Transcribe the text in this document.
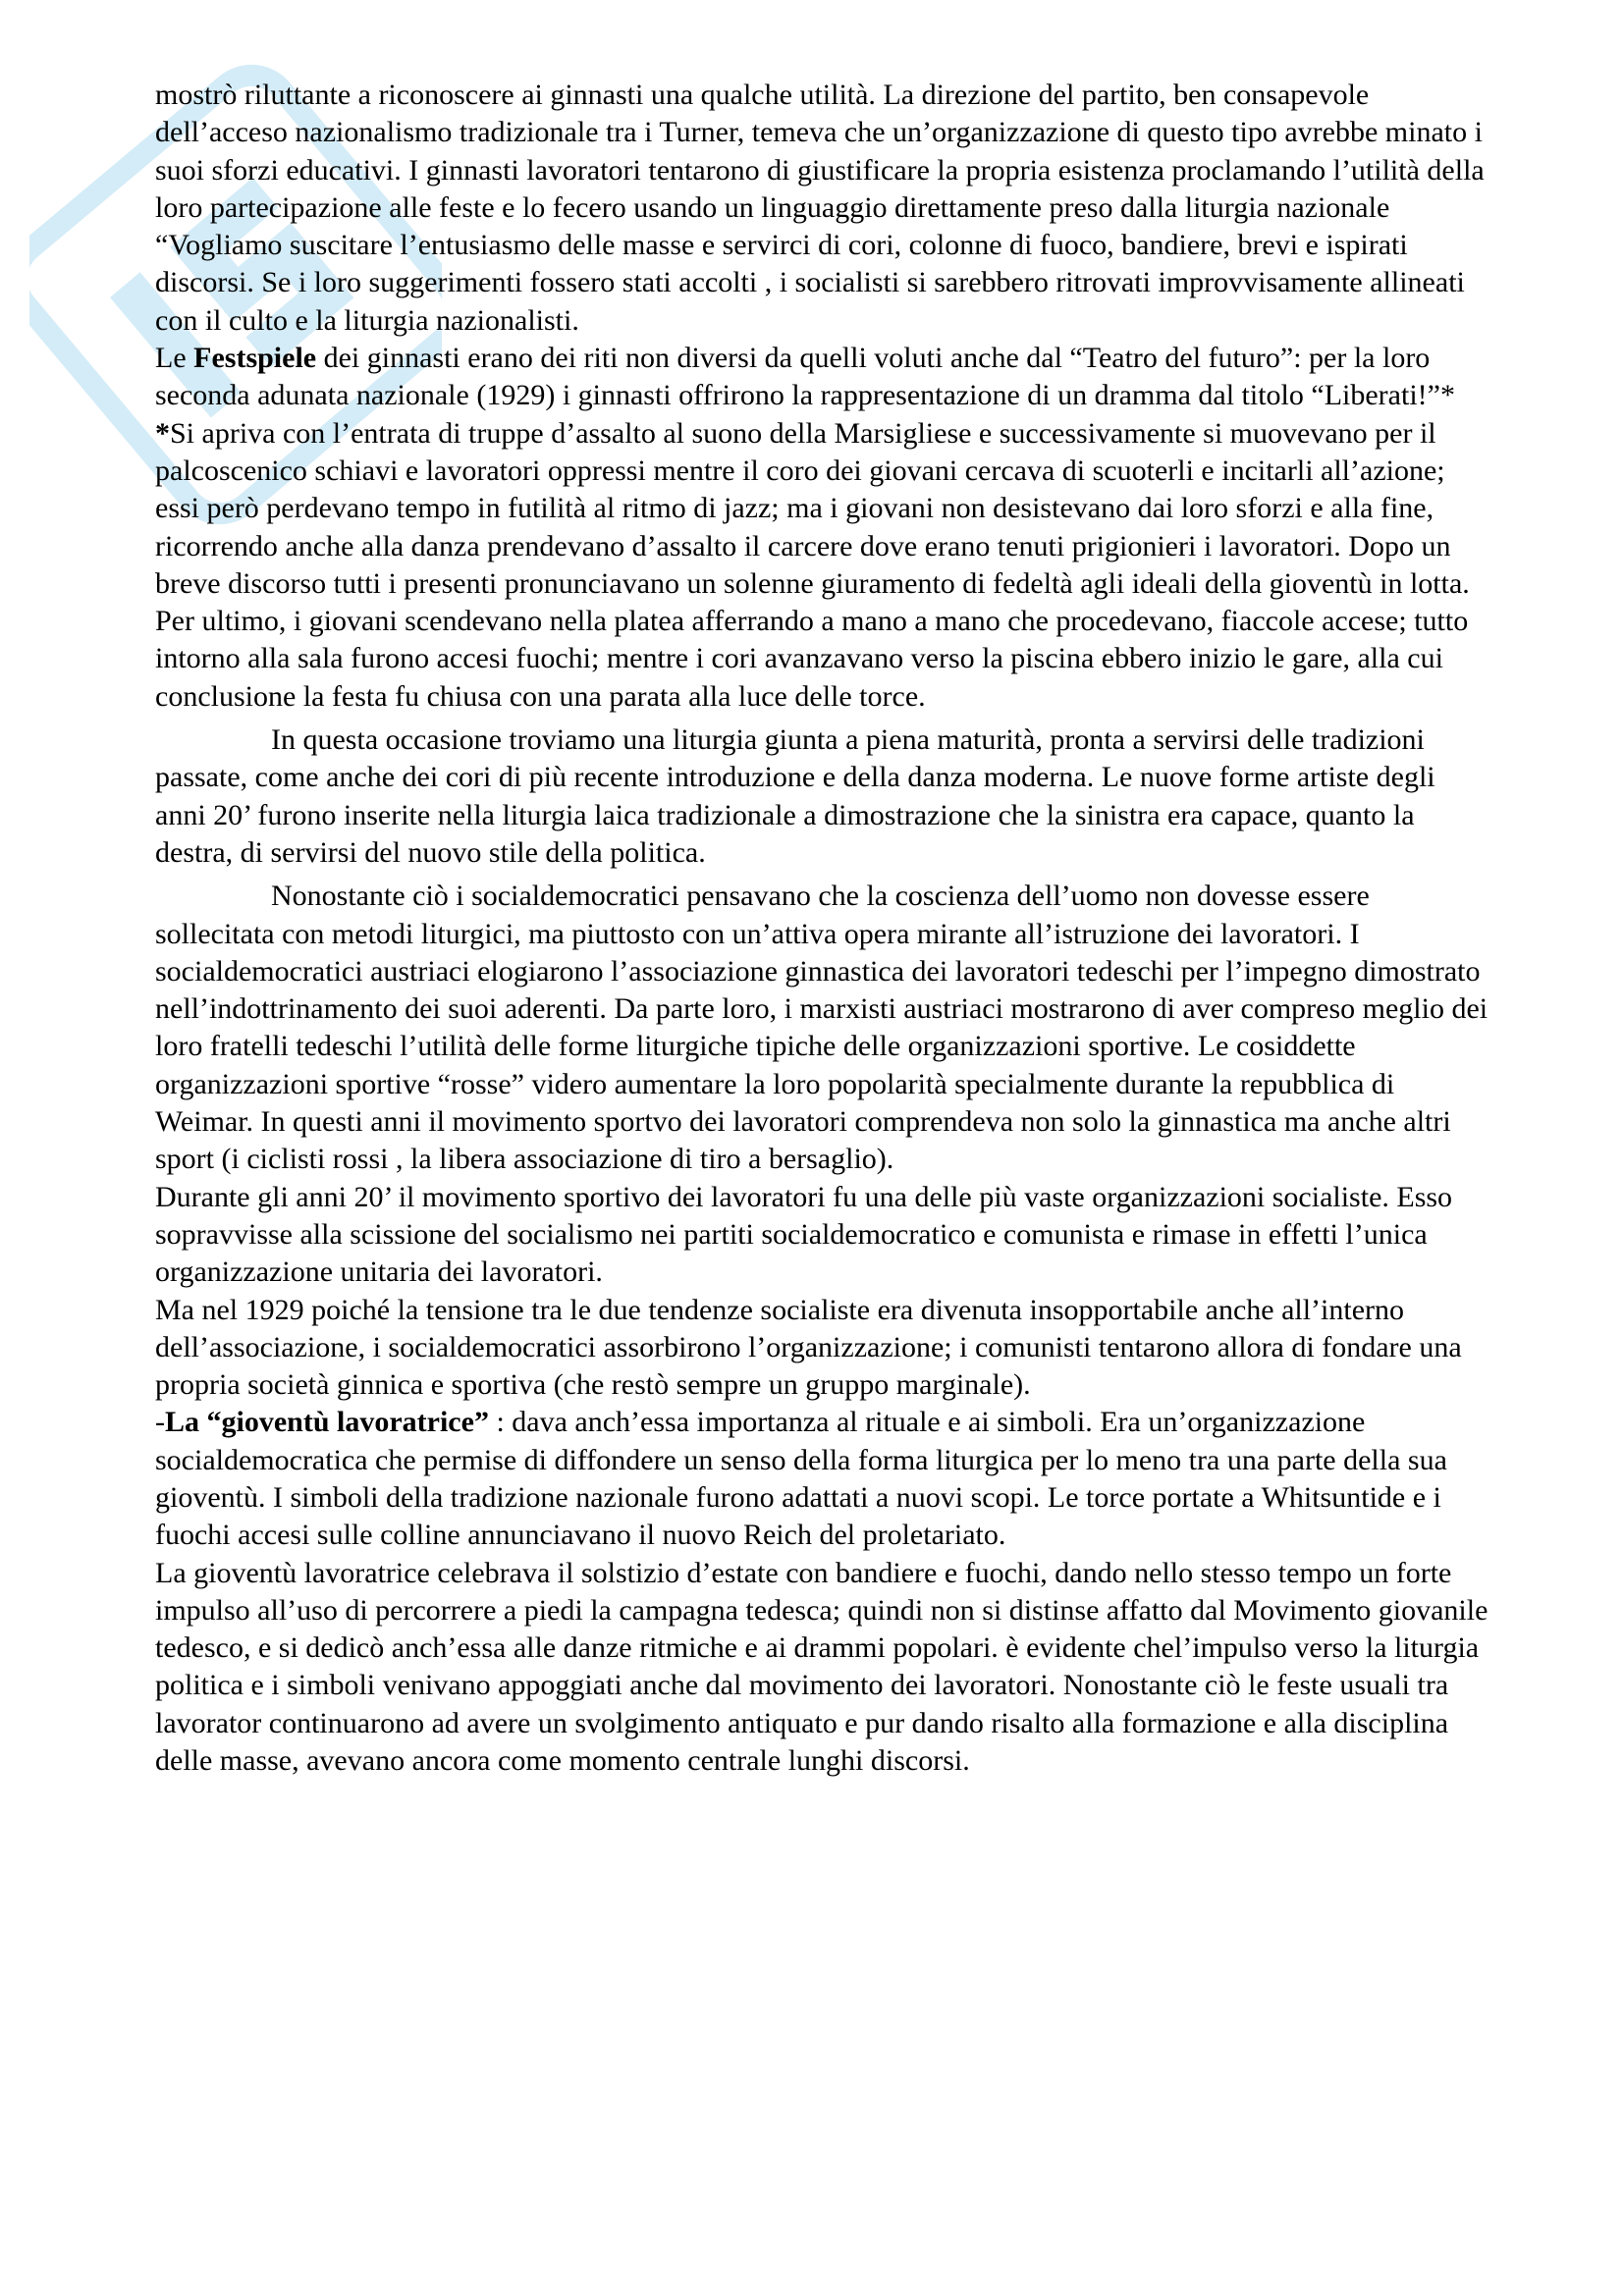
mostrò riluttante a riconoscere ai ginnasti una qualche utilità. La direzione del partito, ben consapevole dell’acceso nazionalismo tradizionale tra i Turner, temeva che un’organizzazione di questo tipo avrebbe minato i suoi sforzi educativi. I ginnasti lavoratori tentarono di giustificare la propria esistenza proclamando l’utilità della loro partecipazione alle feste e lo fecero usando un linguaggio direttamente preso dalla liturgia nazionale “Vogliamo suscitare l’entusiasmo delle masse e servirci di cori, colonne di fuoco, bandiere, brevi e ispirati discorsi. Se i loro suggerimenti fossero stati accolti , i socialisti si sarebbero ritrovati improvvisamente allineati con il culto e la liturgia nazionalisti.

Le Festspiele dei ginnasti erano dei riti non diversi da quelli voluti anche dal “Teatro del futuro”: per la loro seconda adunata nazionale (1929) i ginnasti offrirono la rappresentazione di un dramma dal titolo “Liberati!”*

*Si apriva con l’entrata di truppe d’assalto al suono della Marsigliese e successivamente si muovevano per il palcoscenico schiavi e lavoratori oppressi mentre il coro dei giovani cercava di scuoterli e incitarli all’azione; essi però perdevano tempo in futilità al ritmo di jazz; ma i giovani non desistevano dai loro sforzi e alla fine, ricorrendo anche alla danza prendevano d’assalto il carcere dove erano tenuti prigionieri i lavoratori. Dopo un breve discorso tutti i presenti pronunciavano un solenne giuramento di fedeltà agli ideali della gioventù in lotta. Per ultimo, i giovani scendevano nella platea afferrando a mano a mano che procedevano, fiaccole accese; tutto intorno alla sala furono accesi fuochi; mentre i cori avanzavano verso la piscina ebbero inizio le gare, alla cui conclusione la festa fu chiusa con una parata alla luce delle torce.

In questa occasione troviamo una liturgia giunta a piena maturità, pronta a servirsi delle tradizioni passate, come anche dei cori di più recente introduzione e della danza moderna. Le nuove forme artiste degli anni 20’ furono inserite nella liturgia laica tradizionale a dimostrazione che la sinistra era capace, quanto la destra, di servirsi del nuovo stile della politica.

Nonostante ciò i socialdemocratici pensavano che la coscienza dell’uomo non dovesse essere sollecitata con metodi liturgici, ma piuttosto con un’attiva opera mirante all’istruzione dei lavoratori. I socialdemocratici austriaci elogiarono l’associazione ginnastica dei lavoratori tedeschi per l’impegno dimostrato nell’indottrinamento dei suoi aderenti. Da parte loro, i marxisti austriaci mostrarono di aver compreso meglio dei loro fratelli tedeschi l’utilità delle forme liturgiche tipiche delle organizzazioni sportive. Le cosiddette organizzazioni sportive “rosse” videro aumentare la loro popolarità specialmente durante la repubblica di Weimar. In questi anni il movimento sportvo dei lavoratori comprendeva non solo la ginnastica ma anche altri sport (i ciclisti rossi , la libera associazione di tiro a bersaglio).

Durante gli anni 20’ il movimento sportivo dei lavoratori fu una delle più vaste organizzazioni socialiste. Esso sopravvisse alla scissione del socialismo nei partiti socialdemocratico e comunista e rimase in effetti l’unica organizzazione unitaria dei lavoratori.

Ma nel 1929 poiché la tensione tra le due tendenze socialiste era divenuta insopportabile anche all’interno dell’associazione, i socialdemocratici assorbirono l’organizzazione; i comunisti tentarono allora di fondare una propria società ginnica e sportiva (che restò sempre un gruppo marginale).

-La “gioventù lavoratrice” : dava anch’essa importanza al rituale e ai simboli. Era un’organizzazione socialdemocratica che permise di diffondere un senso della forma liturgica per lo meno tra una parte della sua gioventù. I simboli della tradizione nazionale furono adattati a nuovi scopi. Le torce portate a Whitsuntide e i fuochi accesi sulle colline annunciavano il nuovo Reich del proletariato.

La gioventù lavoratrice celebrava il solstizio d’estate con bandiere e fuochi, dando nello stesso tempo un forte impulso all’uso di percorrere a piedi la campagna tedesca; quindi non si distinse affatto dal Movimento giovanile tedesco, e si dedicò anch’essa alle danze ritmiche e ai drammi popolari. è evidente chel’impulso verso la liturgia politica e i simboli venivano appoggiati anche dal movimento dei lavoratori. Nonostante ciò le feste usuali tra lavorator continuarono ad avere un svolgimento antiquato e pur dando risalto alla formazione e alla disciplina delle masse, avevano ancora come momento centrale lunghi discorsi.
